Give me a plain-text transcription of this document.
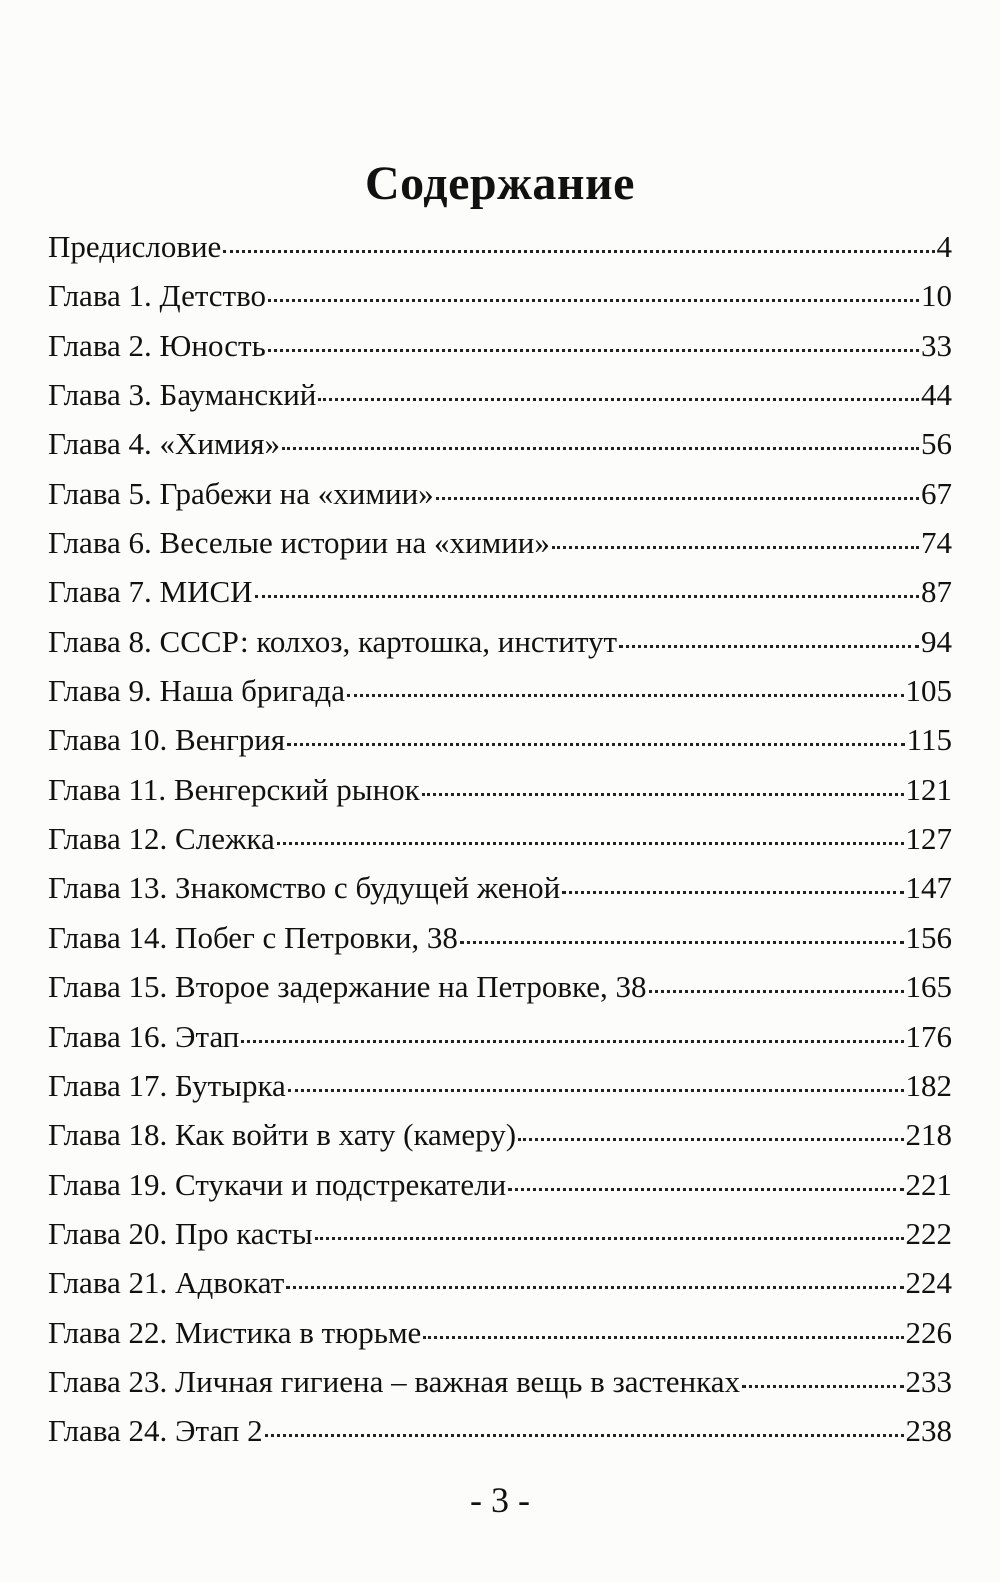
Содержание
Предисловие	4
Глава 1. Детство	10
Глава 2. Юность	33
Глава 3. Бауманский	44
Глава 4. «Химия»	56
Глава 5. Грабежи на «химии»	67
Глава 6. Веселые истории на «химии»	74
Глава 7. МИСИ	87
Глава 8. СССР: колхоз, картошка, институт	94
Глава 9. Наша бригада	105
Глава 10. Венгрия	115
Глава 11. Венгерский рынок	121
Глава 12. Слежка	127
Глава 13. Знакомство с будущей женой	147
Глава 14. Побег с Петровки, 38	156
Глава 15. Второе задержание на Петровке, 38	165
Глава 16. Этап	176
Глава 17. Бутырка	182
Глава 18. Как войти в хату (камеру)	218
Глава 19. Стукачи и подстрекатели	221
Глава 20. Про касты	222
Глава 21. Адвокат	224
Глава 22. Мистика в тюрьме	226
Глава 23. Личная гигиена – важная вещь в застенках	233
Глава 24. Этап 2	238
- 3 -
